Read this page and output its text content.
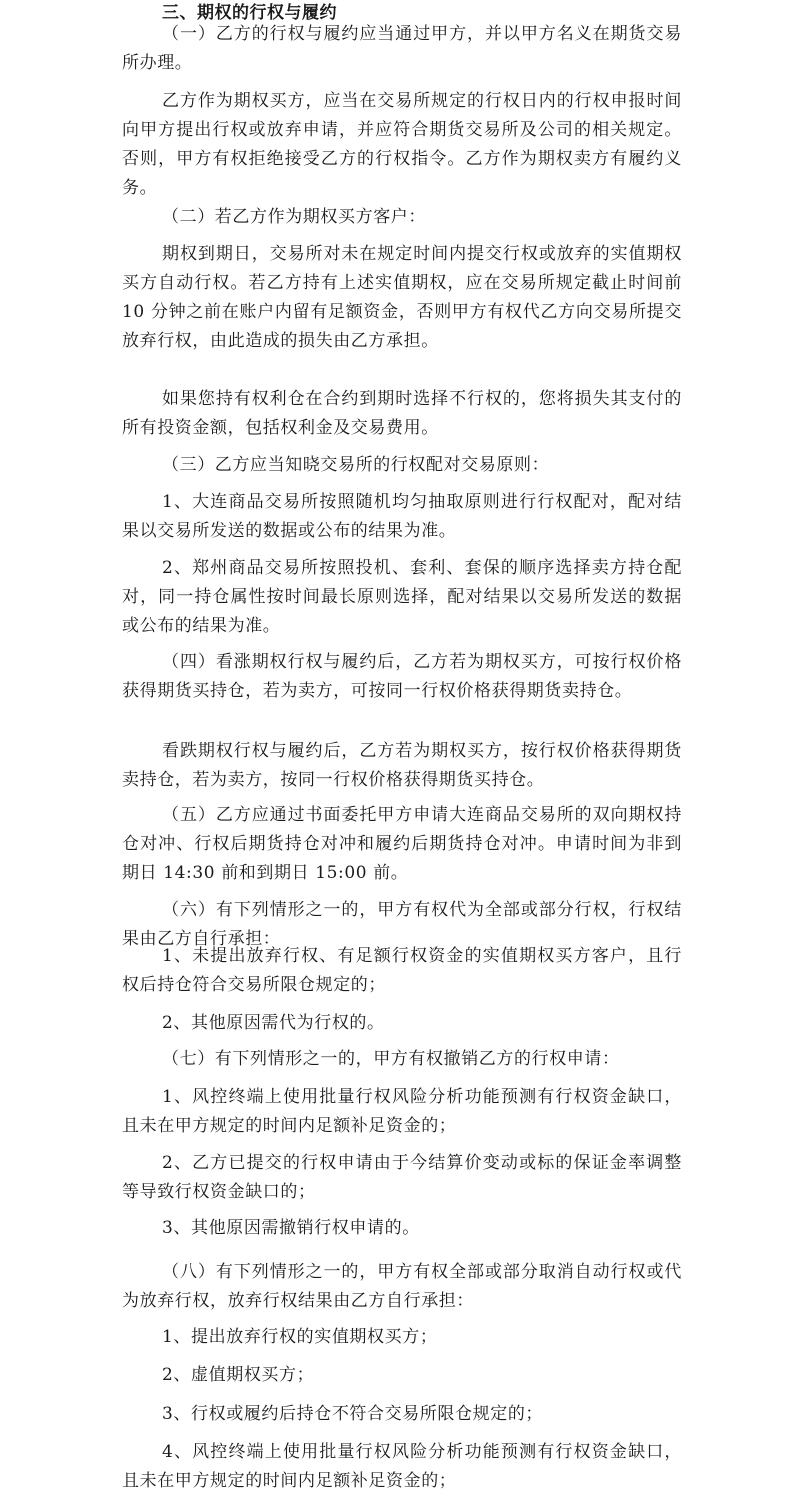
三、期权的行权与履约
（一）乙方的行权与履约应当通过甲方，并以甲方名义在期货交易所办理。
乙方作为期权买方，应当在交易所规定的行权日内的行权申报时间向甲方提出行权或放弃申请，并应符合期货交易所及公司的相关规定。否则，甲方有权拒绝接受乙方的行权指令。乙方作为期权卖方有履约义务。
（二）若乙方作为期权买方客户：
期权到期日，交易所对未在规定时间内提交行权或放弃的实值期权买方自动行权。若乙方持有上述实值期权，应在交易所规定截止时间前 10 分钟之前在账户内留有足额资金，否则甲方有权代乙方向交易所提交放弃行权，由此造成的损失由乙方承担。
如果您持有权利仓在合约到期时选择不行权的，您将损失其支付的所有投资金额，包括权利金及交易费用。
（三）乙方应当知晓交易所的行权配对交易原则：
1、大连商品交易所按照随机均匀抽取原则进行行权配对，配对结果以交易所发送的数据或公布的结果为准。
2、郑州商品交易所按照投机、套利、套保的顺序选择卖方持仓配对，同一持仓属性按时间最长原则选择，配对结果以交易所发送的数据或公布的结果为准。
（四）看涨期权行权与履约后，乙方若为期权买方，可按行权价格获得期货买持仓，若为卖方，可按同一行权价格获得期货卖持仓。
看跌期权行权与履约后，乙方若为期权买方，按行权价格获得期货卖持仓，若为卖方，按同一行权价格获得期货买持仓。
（五）乙方应通过书面委托甲方申请大连商品交易所的双向期权持仓对冲、行权后期货持仓对冲和履约后期货持仓对冲。申请时间为非到期日 14:30 前和到期日 15:00 前。
（六）有下列情形之一的，甲方有权代为全部或部分行权，行权结果由乙方自行承担：
1、未提出放弃行权、有足额行权资金的实值期权买方客户，且行权后持仓符合交易所限仓规定的；
2、其他原因需代为行权的。
（七）有下列情形之一的，甲方有权撤销乙方的行权申请：
1、风控终端上使用批量行权风险分析功能预测有行权资金缺口，且未在甲方规定的时间内足额补足资金的；
2、乙方已提交的行权申请由于今结算价变动或标的保证金率调整等导致行权资金缺口的；
3、其他原因需撤销行权申请的。
（八）有下列情形之一的，甲方有权全部或部分取消自动行权或代为放弃行权，放弃行权结果由乙方自行承担：
1、提出放弃行权的实值期权买方；
2、虚值期权买方；
3、行权或履约后持仓不符合交易所限仓规定的；
4、风控终端上使用批量行权风险分析功能预测有行权资金缺口，且未在甲方规定的时间内足额补足资金的；
